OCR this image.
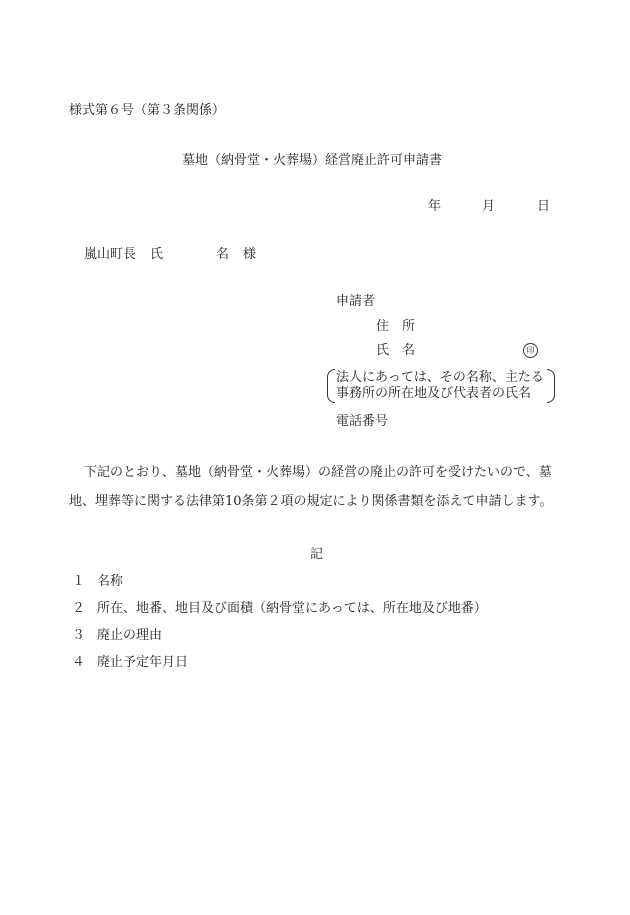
様式第６号（第３条関係）
墓地（納骨堂・火葬場）経営廃止許可申請書
年	月	日
嵐山町長 氏	名 様
申請者
住　所
氏　名	印
法人にあっては、その名称、主たる
事務所の所在地及び代表者の氏名
電話番号
下記のとおり、墓地（納骨堂・火葬場）の経営の廃止の許可を受けたいので、墓
地、埋葬等に関する法律第10条第２項の規定により関係書類を添えて申請します。
記
１ 名称
２ 所在、地番、地目及び面積（納骨堂にあっては、所在地及び地番）
３ 廃止の理由
４ 廃止予定年月日
